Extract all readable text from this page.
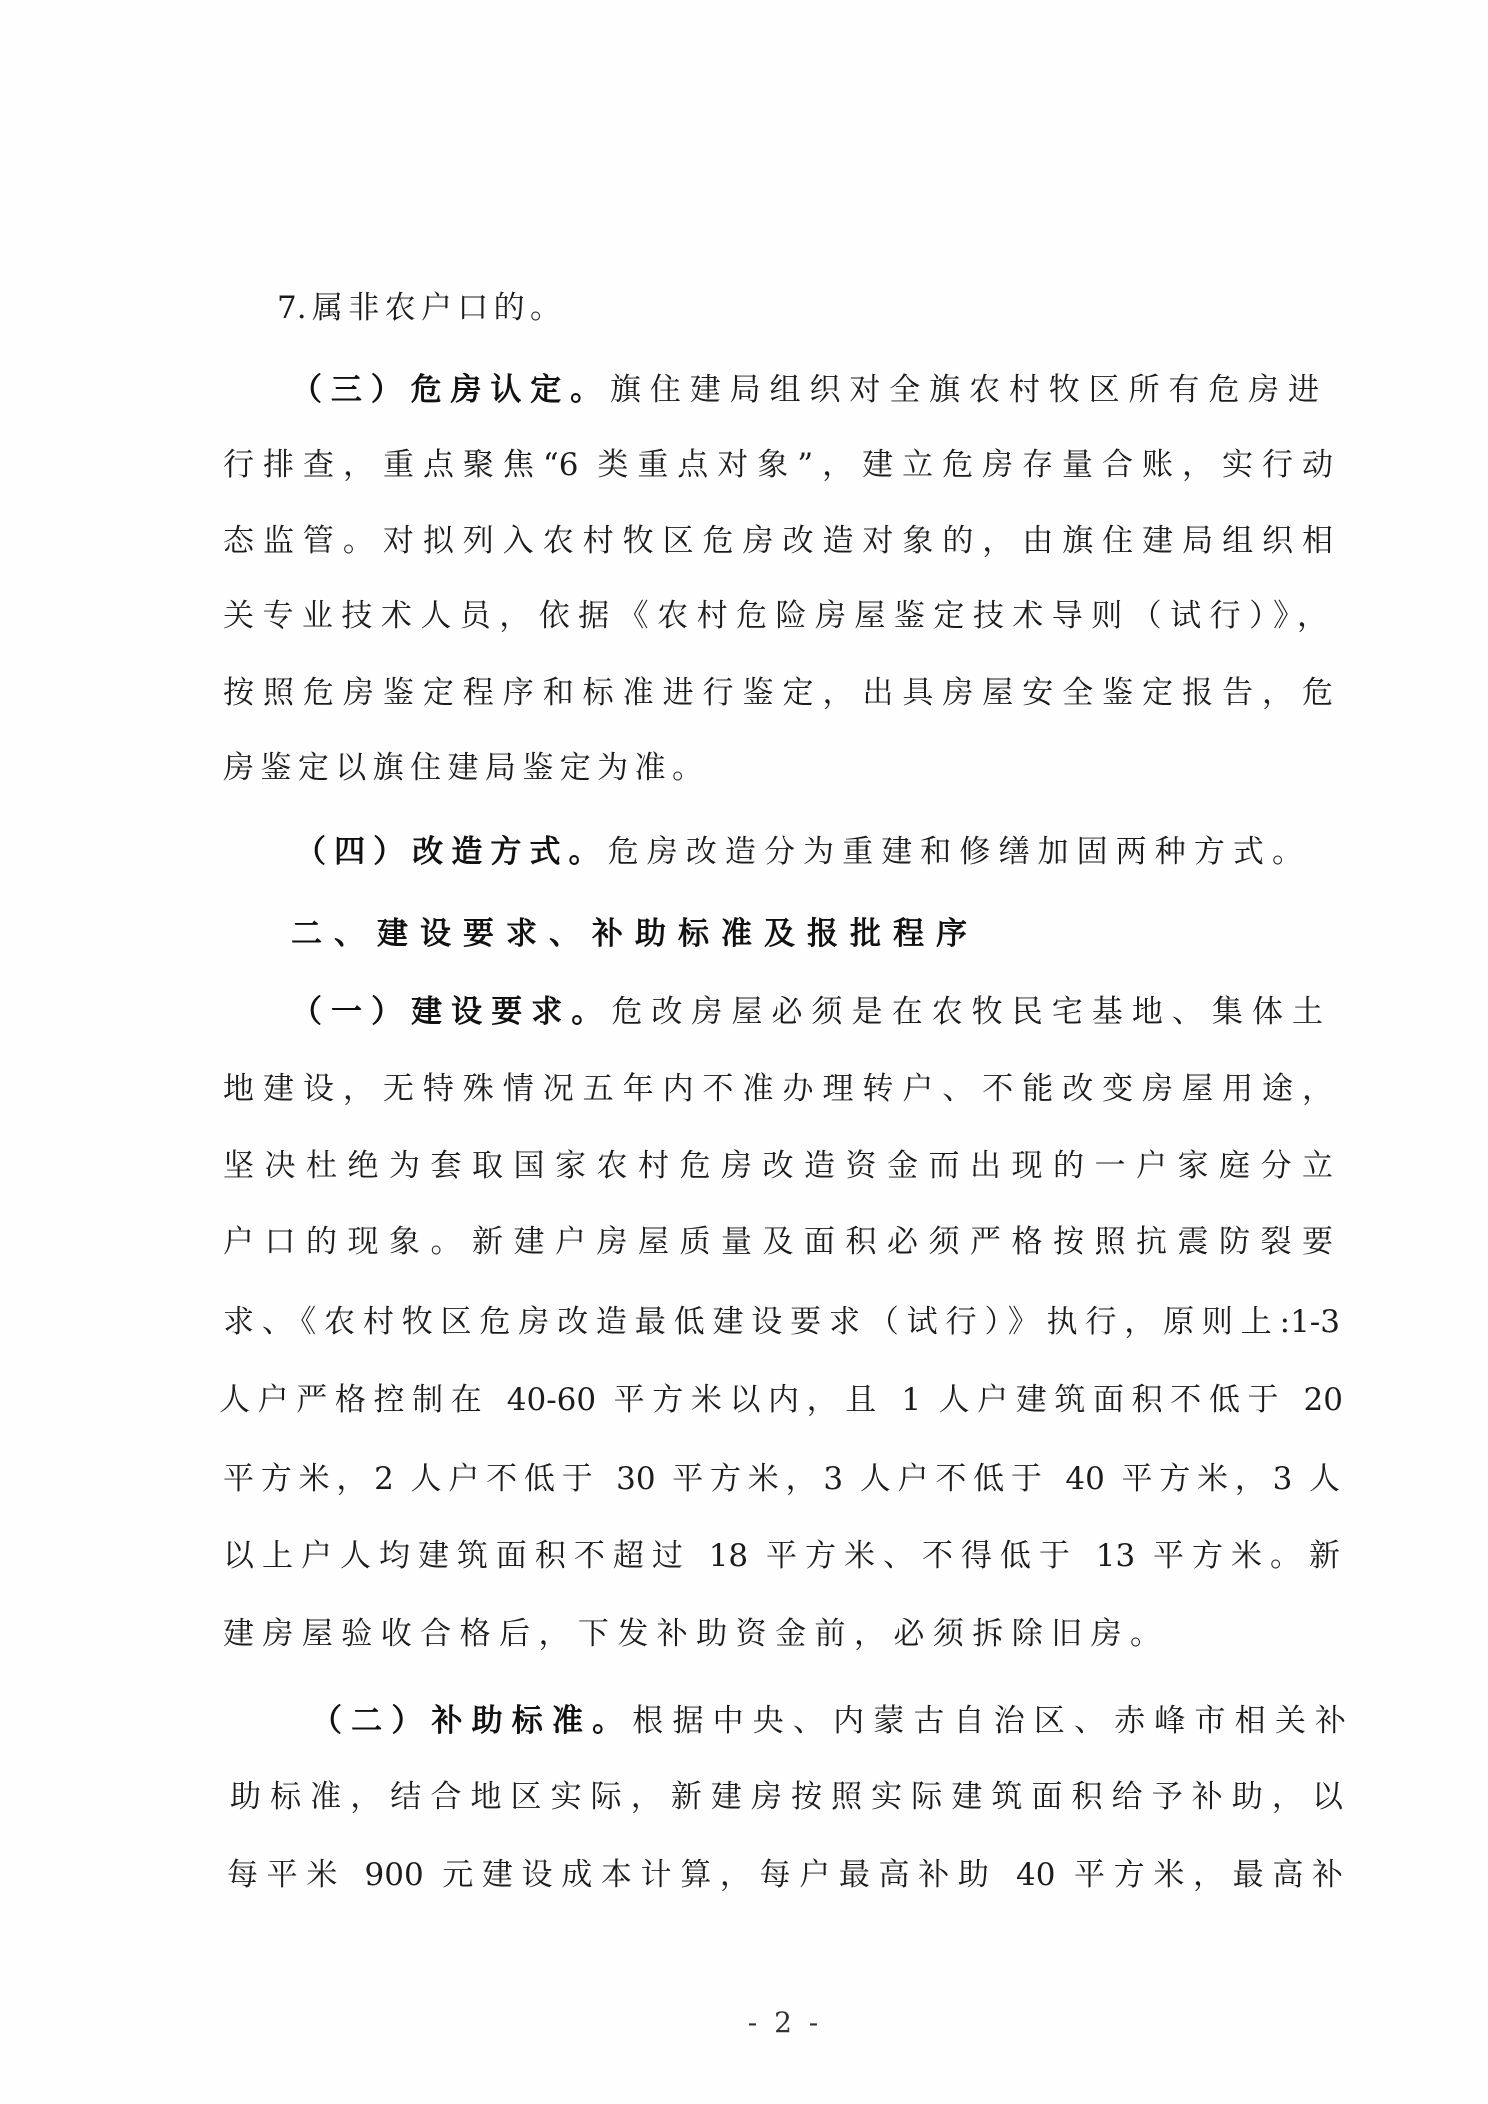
7.属非农户口的。
（三）危房认定。旗住建局组织对全旗农村牧区所有危房进
行排查，重点聚焦“6 类重点对象”，建立危房存量合账，实行动
态监管。对拟列入农村牧区危房改造对象的，由旗住建局组织相
关专业技术人员，依据《农村危险房屋鉴定技术导则（试行）》，
按照危房鉴定程序和标准进行鉴定，出具房屋安全鉴定报告，危
房鉴定以旗住建局鉴定为准。
（四）改造方式。危房改造分为重建和修缮加固两种方式。
二、建设要求、补助标准及报批程序
（一）建设要求。危改房屋必须是在农牧民宅基地、集体土
地建设，无特殊情况五年内不准办理转户、不能改变房屋用途，
坚决杜绝为套取国家农村危房改造资金而出现的一户家庭分立
户口的现象。新建户房屋质量及面积必须严格按照抗震防裂要
求、《农村牧区危房改造最低建设要求（试行）》执行，原则上:1-3
人户严格控制在 40-60 平方米以内，且 1 人户建筑面积不低于 20
平方米，2 人户不低于 30 平方米，3 人户不低于 40 平方米，3 人
以上户人均建筑面积不超过 18 平方米、不得低于 13 平方米。新
建房屋验收合格后，下发补助资金前，必须拆除旧房。
（二）补助标准。根据中央、内蒙古自治区、赤峰市相关补
助标准，结合地区实际，新建房按照实际建筑面积给予补助，以
每平米 900 元建设成本计算，每户最高补助 40 平方米，最高补
- 2 -
